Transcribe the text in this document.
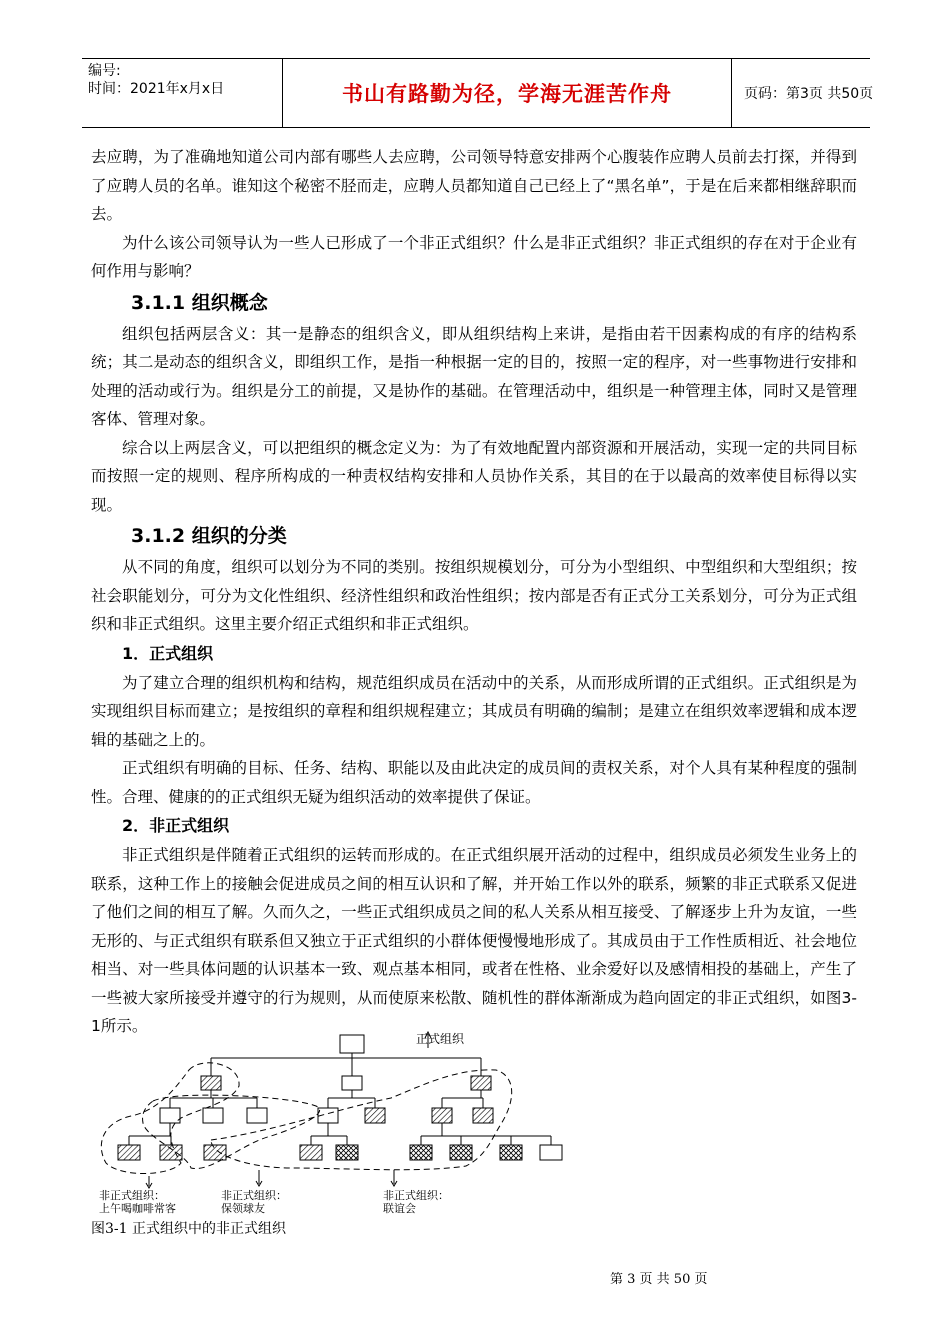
编号:
时间：2021年x月x日	书山有路勤为径，学海无涯苦作舟	页码：第3页 共50页

去应聘，为了准确地知道公司内部有哪些人去应聘，公司领导特意安排两个心腹装作应聘人员前去打探，并得到了应聘人员的名单。谁知这个秘密不胫而走，应聘人员都知道自己已经上了“黑名单”，于是在后来都相继辞职而去。

为什么该公司领导认为一些人已形成了一个非正式组织？什么是非正式组织？非正式组织的存在对于企业有何作用与影响？

3.1.1 组织概念

组织包括两层含义：其一是静态的组织含义，即从组织结构上来讲，是指由若干因素构成的有序的结构系统；其二是动态的组织含义，即组织工作，是指一种根据一定的目的，按照一定的程序，对一些事物进行安排和处理的活动或行为。组织是分工的前提，又是协作的基础。在管理活动中，组织是一种管理主体，同时又是管理客体、管理对象。

综合以上两层含义，可以把组织的概念定义为：为了有效地配置内部资源和开展活动，实现一定的共同目标而按照一定的规则、程序所构成的一种责权结构安排和人员协作关系，其目的在于以最高的效率使目标得以实现。

3.1.2 组织的分类

从不同的角度，组织可以划分为不同的类别。按组织规模划分，可分为小型组织、中型组织和大型组织；按社会职能划分，可分为文化性组织、经济性组织和政治性组织；按内部是否有正式分工关系划分，可分为正式组织和非正式组织。这里主要介绍正式组织和非正式组织。

1．正式组织

为了建立合理的组织机构和结构，规范组织成员在活动中的关系，从而形成所谓的正式组织。正式组织是为实现组织目标而建立；是按组织的章程和组织规程建立；其成员有明确的编制；是建立在组织效率逻辑和成本逻辑的基础之上的。

正式组织有明确的目标、任务、结构、职能以及由此决定的成员间的责权关系，对个人具有某种程度的强制性。合理、健康的的正式组织无疑为组织活动的效率提供了保证。

2．非正式组织

非正式组织是伴随着正式组织的运转而形成的。在正式组织展开活动的过程中，组织成员必须发生业务上的联系，这种工作上的接触会促进成员之间的相互认识和了解，并开始工作以外的联系，频繁的非正式联系又促进了他们之间的相互了解。久而久之，一些正式组织成员之间的私人关系从相互接受、了解逐步上升为友谊，一些无形的、与正式组织有联系但又独立于正式组织的小群体便慢慢地形成了。其成员由于工作性质相近、社会地位相当、对一些具体问题的认识基本一致、观点基本相同，或者在性格、业余爱好以及感情相投的基础上，产生了一些被大家所接受并遵守的行为规则，从而使原来松散、随机性的群体渐渐成为趋向固定的非正式组织，如图3-1所示。

正式组织
非正式组织：
上午喝咖啡常客
非正式组织：
保领球友
非正式组织：
联谊会
图3-1 正式组织中的非正式组织
第 3 页 共 50 页
